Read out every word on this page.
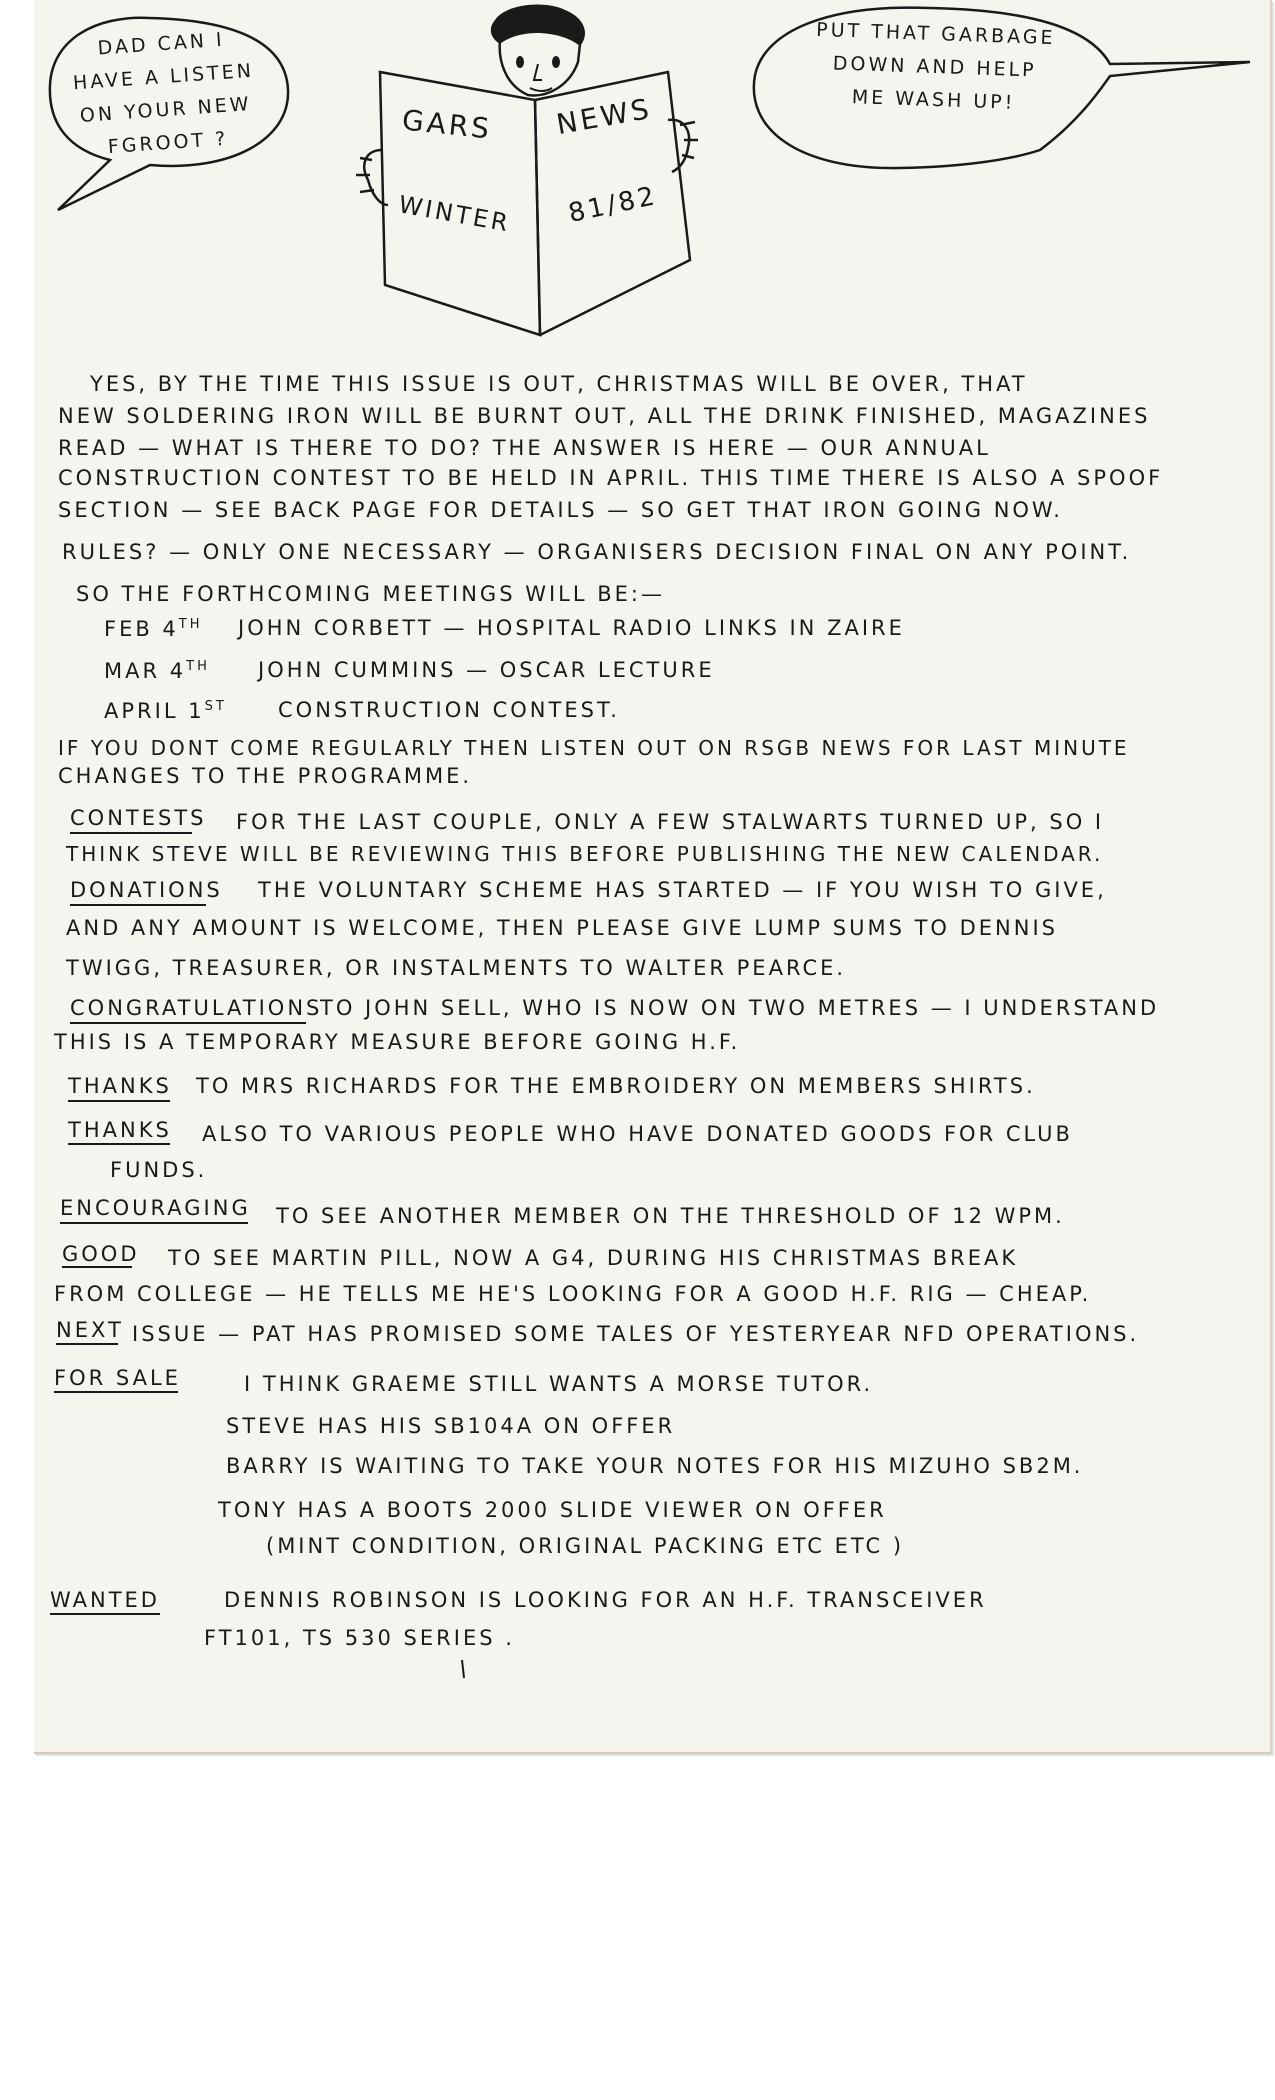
DAD CAN I
HAVE A LISTEN
ON YOUR NEW
FGROOT ?
PUT THAT GARBAGE
DOWN AND HELP
ME WASH UP!
GARS NEWS
WINTER 81/82
YES, BY THE TIME THIS ISSUE IS OUT, CHRISTMAS WILL BE OVER, THAT
NEW SOLDERING IRON WILL BE BURNT OUT, ALL THE DRINK FINISHED, MAGAZINES
READ — WHAT IS THERE TO DO? THE ANSWER IS HERE — OUR ANNUAL
CONSTRUCTION CONTEST TO BE HELD IN APRIL. THIS TIME THERE IS ALSO A SPOOF
SECTION — SEE BACK PAGE FOR DETAILS — SO GET THAT IRON GOING NOW.
RULES? — ONLY ONE NECESSARY — ORGANISERS DECISION FINAL ON ANY POINT.
SO THE FORTHCOMING MEETINGS WILL BE:—
FEB 4TH JOHN CORBETT — HOSPITAL RADIO LINKS IN ZAIRE
MAR 4TH JOHN CUMMINS — OSCAR LECTURE
APRIL 1ST CONSTRUCTION CONTEST.
IF YOU DONT COME REGULARLY THEN LISTEN OUT ON RSGB NEWS FOR LAST MINUTE
CHANGES TO THE PROGRAMME.
CONTESTS FOR THE LAST COUPLE, ONLY A FEW STALWARTS TURNED UP, SO I
THINK STEVE WILL BE REVIEWING THIS BEFORE PUBLISHING THE NEW CALENDAR.
DONATIONS THE VOLUNTARY SCHEME HAS STARTED — IF YOU WISH TO GIVE,
AND ANY AMOUNT IS WELCOME, THEN PLEASE GIVE LUMP SUMS TO DENNIS
TWIGG, TREASURER, OR INSTALMENTS TO WALTER PEARCE.
CONGRATULATIONS
TO JOHN SELL, WHO IS NOW ON TWO METRES — I UNDERSTAND
THIS IS A TEMPORARY MEASURE BEFORE GOING H.F.
THANKS TO MRS RICHARDS FOR THE EMBROIDERY ON MEMBERS SHIRTS.
THANKS ALSO TO VARIOUS PEOPLE WHO HAVE DONATED GOODS FOR CLUB
FUNDS.
ENCOURAGING TO SEE ANOTHER MEMBER ON THE THRESHOLD OF 12 WPM.
GOOD TO SEE MARTIN PILL, NOW A G4, DURING HIS CHRISTMAS BREAK
FROM COLLEGE — HE TELLS ME HE'S LOOKING FOR A GOOD H.F. RIG — CHEAP.
NEXT ISSUE — PAT HAS PROMISED SOME TALES OF YESTERYEAR NFD OPERATIONS.
FOR SALE	I THINK GRAEME STILL WANTS A MORSE TUTOR.
STEVE HAS HIS SB104A ON OFFER
BARRY IS WAITING TO TAKE YOUR NOTES FOR HIS MIZUHO SB2M.
TONY HAS A BOOTS 2000 SLIDE VIEWER ON OFFER
(MINT CONDITION, ORIGINAL PACKING ETC ETC )
WANTED	DENNIS ROBINSON IS LOOKING FOR AN H.F. TRANSCEIVER
FT101, TS 530 SERIES .
